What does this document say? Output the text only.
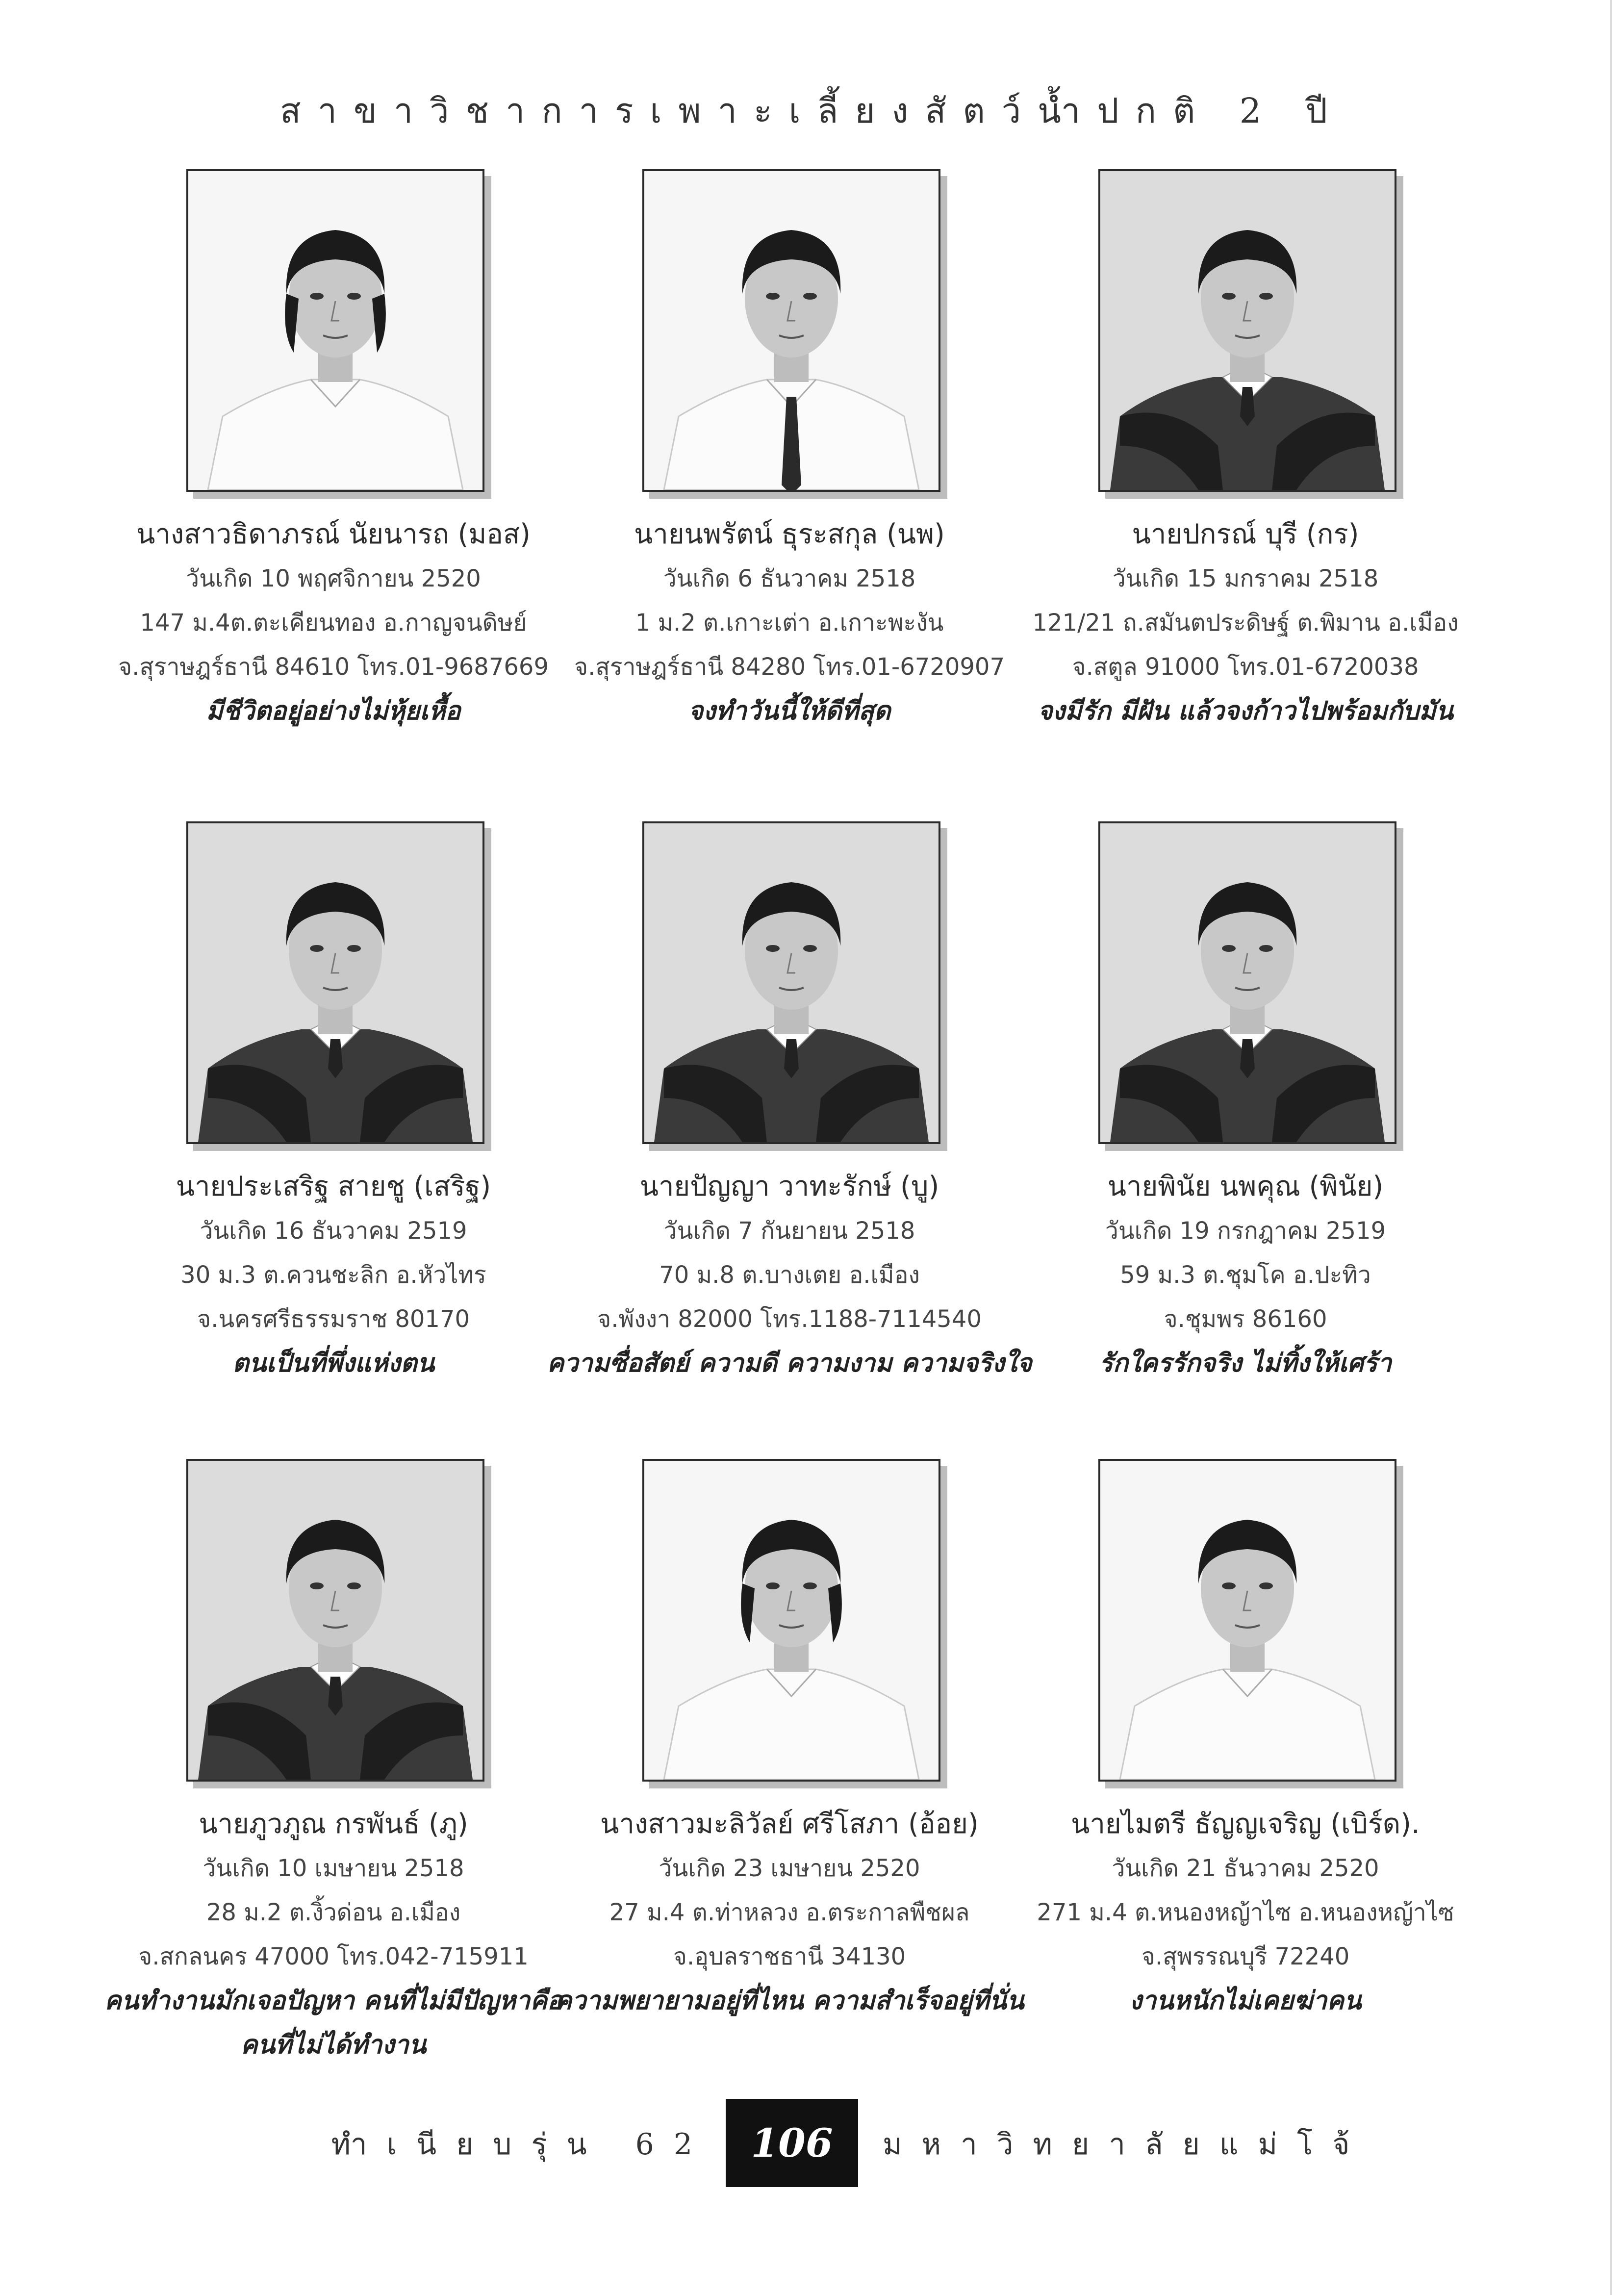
สาขาวิชาการเพาะเลี้ยงสัตว์น้ำปกติ 2 ปี
นางสาวธิดาภรณ์ นัยนารถ (มอส)
วันเกิด 10 พฤศจิกายน 2520
147 ม.4ต.ตะเคียนทอง อ.กาญจนดิษย์
จ.สุราษฎร์ธานี 84610 โทร.01-9687669
มีชีวิตอยู่อย่างไม่หุ้ยเหื้อ
นายนพรัตน์ ธุระสกุล (นพ)
วันเกิด 6 ธันวาคม 2518
1 ม.2 ต.เกาะเต่า อ.เกาะพะงัน
จ.สุราษฎร์ธานี 84280 โทร.01-6720907
จงทำวันนี้ให้ดีที่สุด
นายปกรณ์ บุรี (กร)
วันเกิด 15 มกราคม 2518
121/21 ถ.สมันตประดิษฐ์ ต.พิมาน อ.เมือง
จ.สตูล 91000 โทร.01-6720038
จงมีรัก มีฝัน แล้วจงก้าวไปพร้อมกับมัน
นายประเสริฐ สายชู (เสริฐ)
วันเกิด 16 ธันวาคม 2519
30 ม.3 ต.ควนชะลิก อ.หัวไทร
จ.นครศรีธรรมราช 80170
ตนเป็นที่พึ่งแห่งตน
นายปัญญา วาทะรักษ์ (บู)
วันเกิด 7 กันยายน 2518
70 ม.8 ต.บางเตย อ.เมือง
จ.พังงา 82000 โทร.1188-7114540
ความซื่อสัตย์ ความดี ความงาม ความจริงใจ
นายพินัย นพคุณ (พินัย)
วันเกิด 19 กรกฎาคม 2519
59 ม.3 ต.ชุมโค อ.ปะทิว
จ.ชุมพร 86160
รักใครรักจริง ไม่ทิ้งให้เศร้า
นายภูวภูณ กรพันธ์ (ภู)
วันเกิด 10 เมษายน 2518
28 ม.2 ต.งิ้วด่อน อ.เมือง
จ.สกลนคร 47000 โทร.042-715911
คนทำงานมักเจอปัญหา คนที่ไม่มีปัญหาคือคนที่ไม่ได้ทำงาน
นางสาวมะลิวัลย์ ศรีโสภา (อ้อย)
วันเกิด 23 เมษายน 2520
27 ม.4 ต.ท่าหลวง อ.ตระกาลพืชผล
จ.อุบลราชธานี 34130
ความพยายามอยู่ที่ไหน ความสำเร็จอยู่ที่นั่น
นายไมตรี ธัญญเจริญ (เบิร์ด).
วันเกิด 21 ธันวาคม 2520
271 ม.4 ต.หนองหญ้าไซ อ.หนองหญ้าไซ
จ.สุพรรณบุรี 72240
งานหนักไม่เคยฆ่าคน
ทำเนียบรุ่น 62 106	มหาวิทยาลัยแม่โจ้
